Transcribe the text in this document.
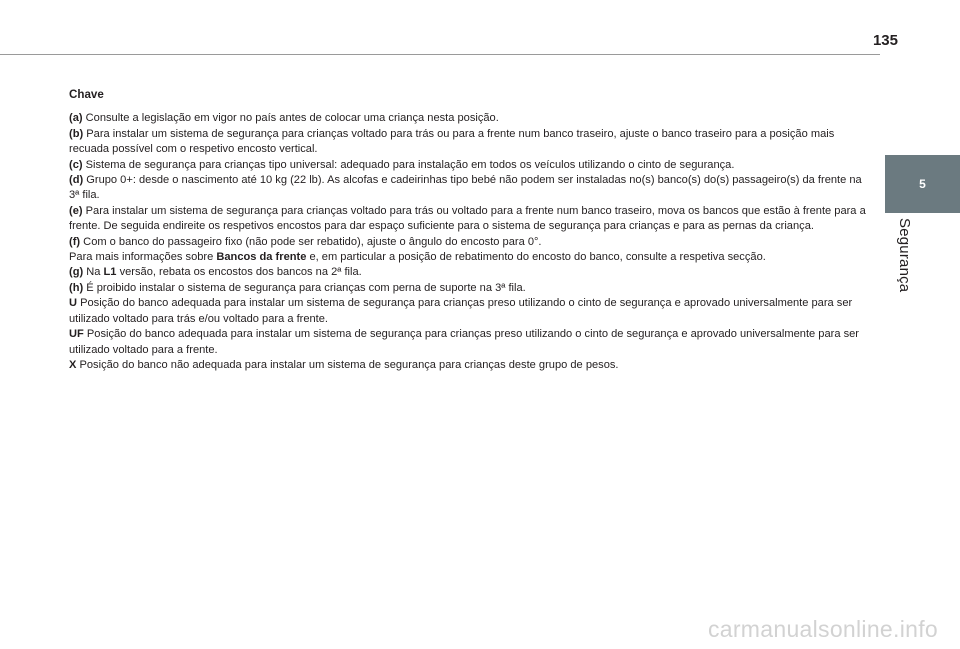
135
5
Segurança

Chave

(a) Consulte a legislação em vigor no país antes de colocar uma criança nesta posição.

(b) Para instalar um sistema de segurança para crianças voltado para trás ou para a frente num banco traseiro, ajuste o banco traseiro para a posição mais recuada possível com o respetivo encosto vertical.

(c) Sistema de segurança para crianças tipo universal: adequado para instalação em todos os veículos utilizando o cinto de segurança.

(d) Grupo 0+: desde o nascimento até 10 kg (22 lb). As alcofas e cadeirinhas tipo bebé não podem ser instaladas no(s) banco(s) do(s) passageiro(s) da frente na 3ª fila.

(e) Para instalar um sistema de segurança para crianças voltado para trás ou voltado para a frente num banco traseiro, mova os bancos que estão à frente para a frente. De seguida endireite os respetivos encostos para dar espaço suficiente para o sistema de segurança para crianças e para as pernas da criança.

(f) Com o banco do passageiro fixo (não pode ser rebatido), ajuste o ângulo do encosto para 0°.

Para mais informações sobre Bancos da frente e, em particular a posição de rebatimento do encosto do banco, consulte a respetiva secção.

(g) Na L1 versão, rebata os encostos dos bancos na 2ª fila.

(h) É proibido instalar o sistema de segurança para crianças com perna de suporte na 3ª fila.

U Posição do banco adequada para instalar um sistema de segurança para crianças preso utilizando o cinto de segurança e aprovado universalmente para ser utilizado voltado para trás e/ou voltado para a frente.

UF Posição do banco adequada para instalar um sistema de segurança para crianças preso utilizando o cinto de segurança e aprovado universalmente para ser utilizado voltado para a frente.

X Posição do banco não adequada para instalar um sistema de segurança para crianças deste grupo de pesos.

carmanualsonline.info
